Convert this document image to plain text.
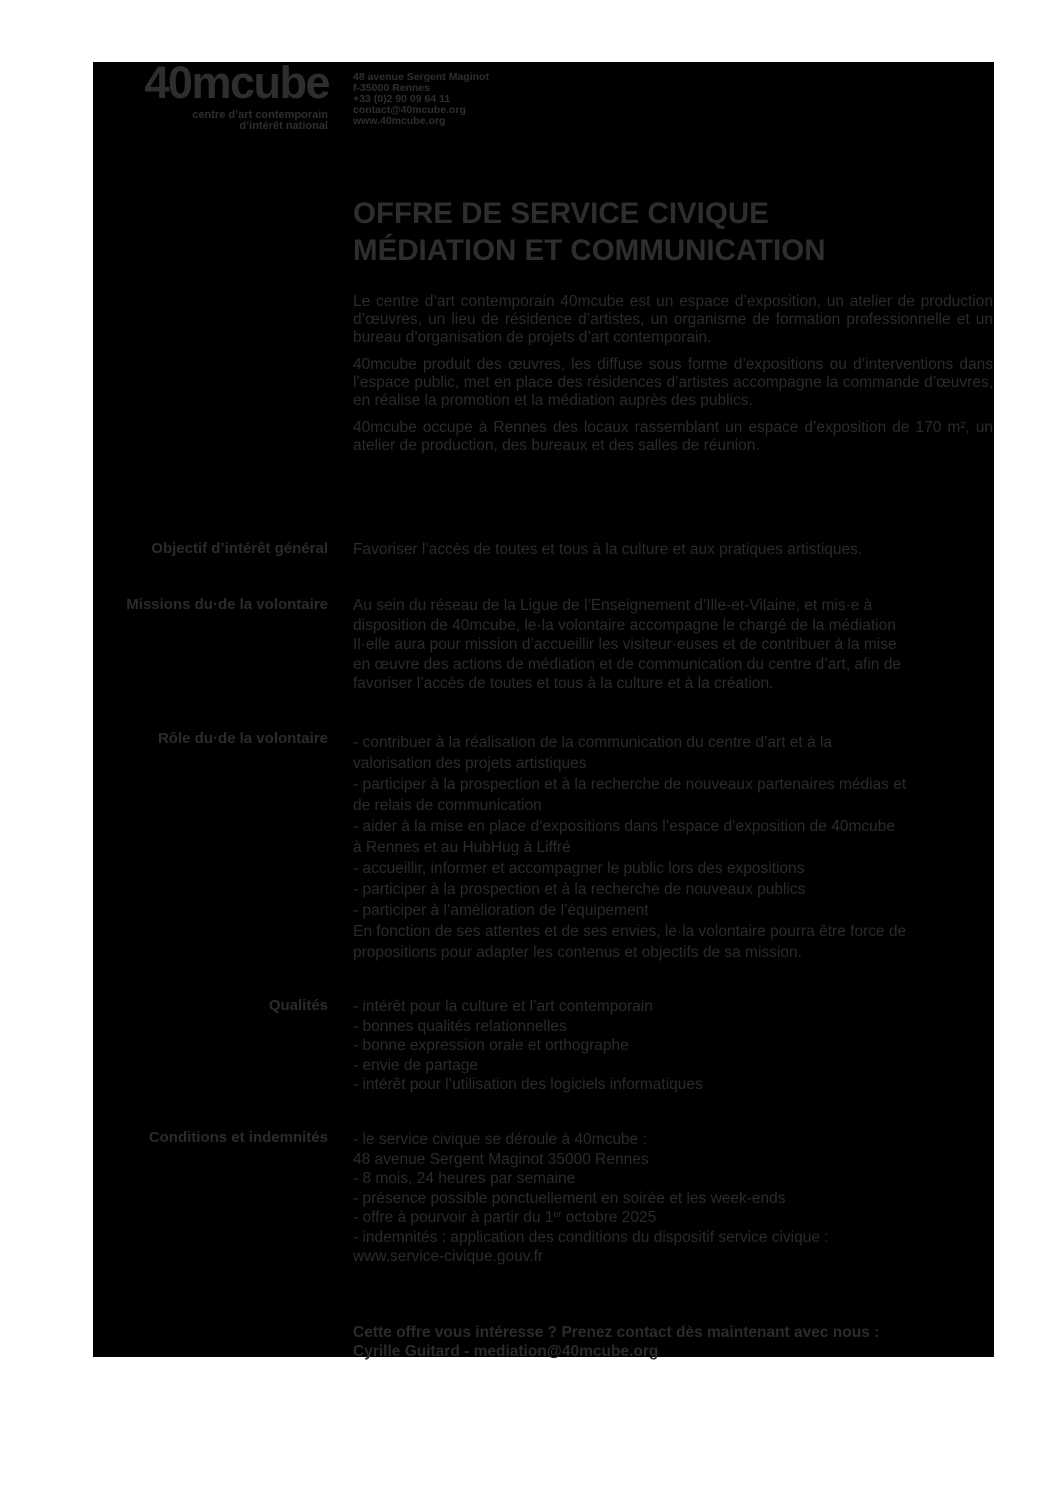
40mcube
centre d’art contemporain
d’intérêt national
48 avenue Sergent Maginot
f-35000 Rennes
+33 (0)2 90 09 64 11
contact@40mcube.org
www.40mcube.org
OFFRE DE SERVICE CIVIQUE
MÉDIATION ET COMMUNICATION

Le centre d’art contemporain 40mcube est un espace d’exposition, un atelier de production d’œuvres, un lieu de résidence d’artistes, un organisme de formation professionnelle et un bureau d’organisation de projets d’art contemporain.

40mcube produit des œuvres, les diffuse sous forme d’expositions ou d’interventions dans l’espace public, met en place des résidences d’artistes accompagne la commande d’œuvres, en réalise la promotion et la médiation auprès des publics.

40mcube occupe à Rennes des locaux rassemblant un espace d’exposition de 170 m², un atelier de production, des bureaux et des salles de réunion.

Objectif d’intérêt général Favoriser l’accès de toutes et tous à la culture et aux pratiques artistiques.
Missions du·de la volontaire Au sein du réseau de la Ligue de l’Enseignement d’Ille-et-Vilaine, et mis·e à
disposition de 40mcube, le·la volontaire accompagne le chargé de la médiation
Il·elle aura pour mission d’accueillir les visiteur·euses et de contribuer à la mise
en œuvre des actions de médiation et de communication du centre d’art, afin de
favoriser l’accès de toutes et tous à la culture et à la création.
Rôle du·de la volontaire - contribuer à la réalisation de la communication du centre d’art et à la
valorisation des projets artistiques
- participer à la prospection et à la recherche de nouveaux partenaires médias et
de relais de communication
- aider à la mise en place d’expositions dans l’espace d’exposition de 40mcube
à Rennes et au HubHug à Liffré
- accueillir, informer et accompagner le public lors des expositions
- participer à la prospection et à la recherche de nouveaux publics
- participer à l’amélioration de l’équipement
En fonction de ses attentes et de ses envies, le·la volontaire pourra être force de
propositions pour adapter les contenus et objectifs de sa mission.
Qualités - intérêt pour la culture et l’art contemporain
- bonnes qualités relationnelles
- bonne expression orale et orthographe
- envie de partage
- intérêt pour l’utilisation des logiciels informatiques
Conditions et indemnités - le service civique se déroule à 40mcube :
48 avenue Sergent Maginot 35000 Rennes
- 8 mois, 24 heures par semaine
- présence possible ponctuellement en soirée et les week-ends
- offre à pourvoir à partir du 1er octobre 2025
- indemnités : application des conditions du dispositif service civique :
www.service-civique.gouv.fr
Cette offre vous intéresse ? Prenez contact dès maintenant avec nous :
Cyrille Guitard - mediation@40mcube.org
